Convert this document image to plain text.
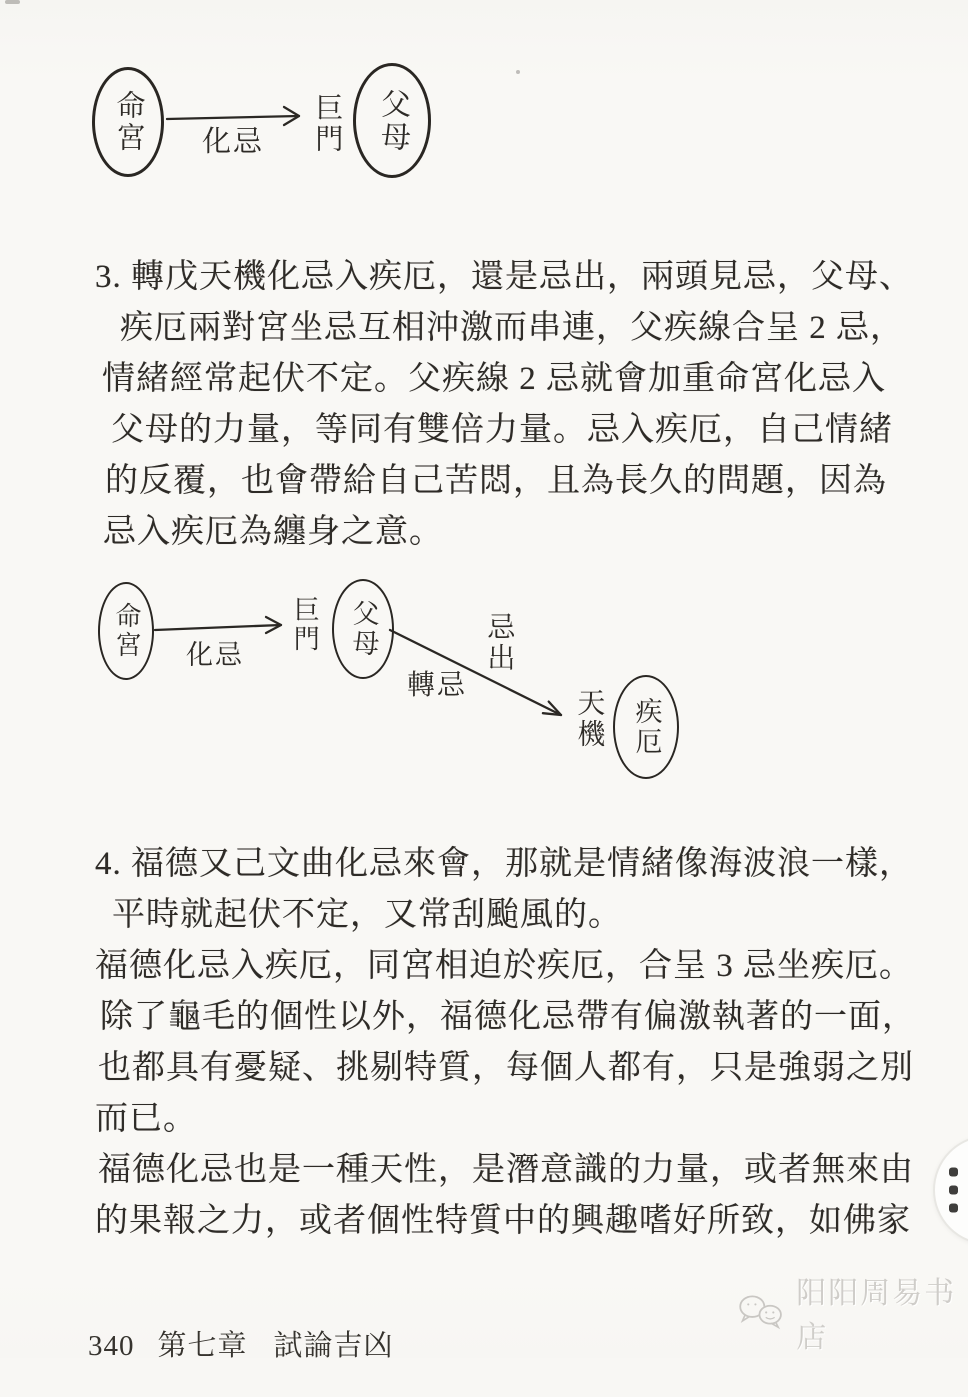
命宮 化忌 巨門 父母
3. 轉戊天機化忌入疾厄，還是忌出，兩頭見忌，父母、
疾厄兩對宮坐忌互相沖激而串連，父疾線合呈 2 忌，
情緒經常起伏不定。父疾線 2 忌就會加重命宮化忌入
父母的力量，等同有雙倍力量。忌入疾厄，自己情緒
的反覆，也會帶給自己苦悶，且為長久的問題，因為
忌入疾厄為纏身之意。
命宮 化忌
巨門 父母	忌出
轉忌
天機 疾厄
4. 福德又己文曲化忌來會，那就是情緒像海波浪一樣，
平時就起伏不定，又常刮颱風的。
福德化忌入疾厄，同宮相迫於疾厄，合呈 3 忌坐疾厄。
除了龜毛的個性以外，福德化忌帶有偏激執著的一面，
也都具有憂疑、挑剔特質，每個人都有，只是強弱之別
而已。
福德化忌也是一種天性，是潛意識的力量，或者無來由
的果報之力，或者個性特質中的興趣嗜好所致，如佛家

340 第七章 試論吉凶

阳阳周易书店
